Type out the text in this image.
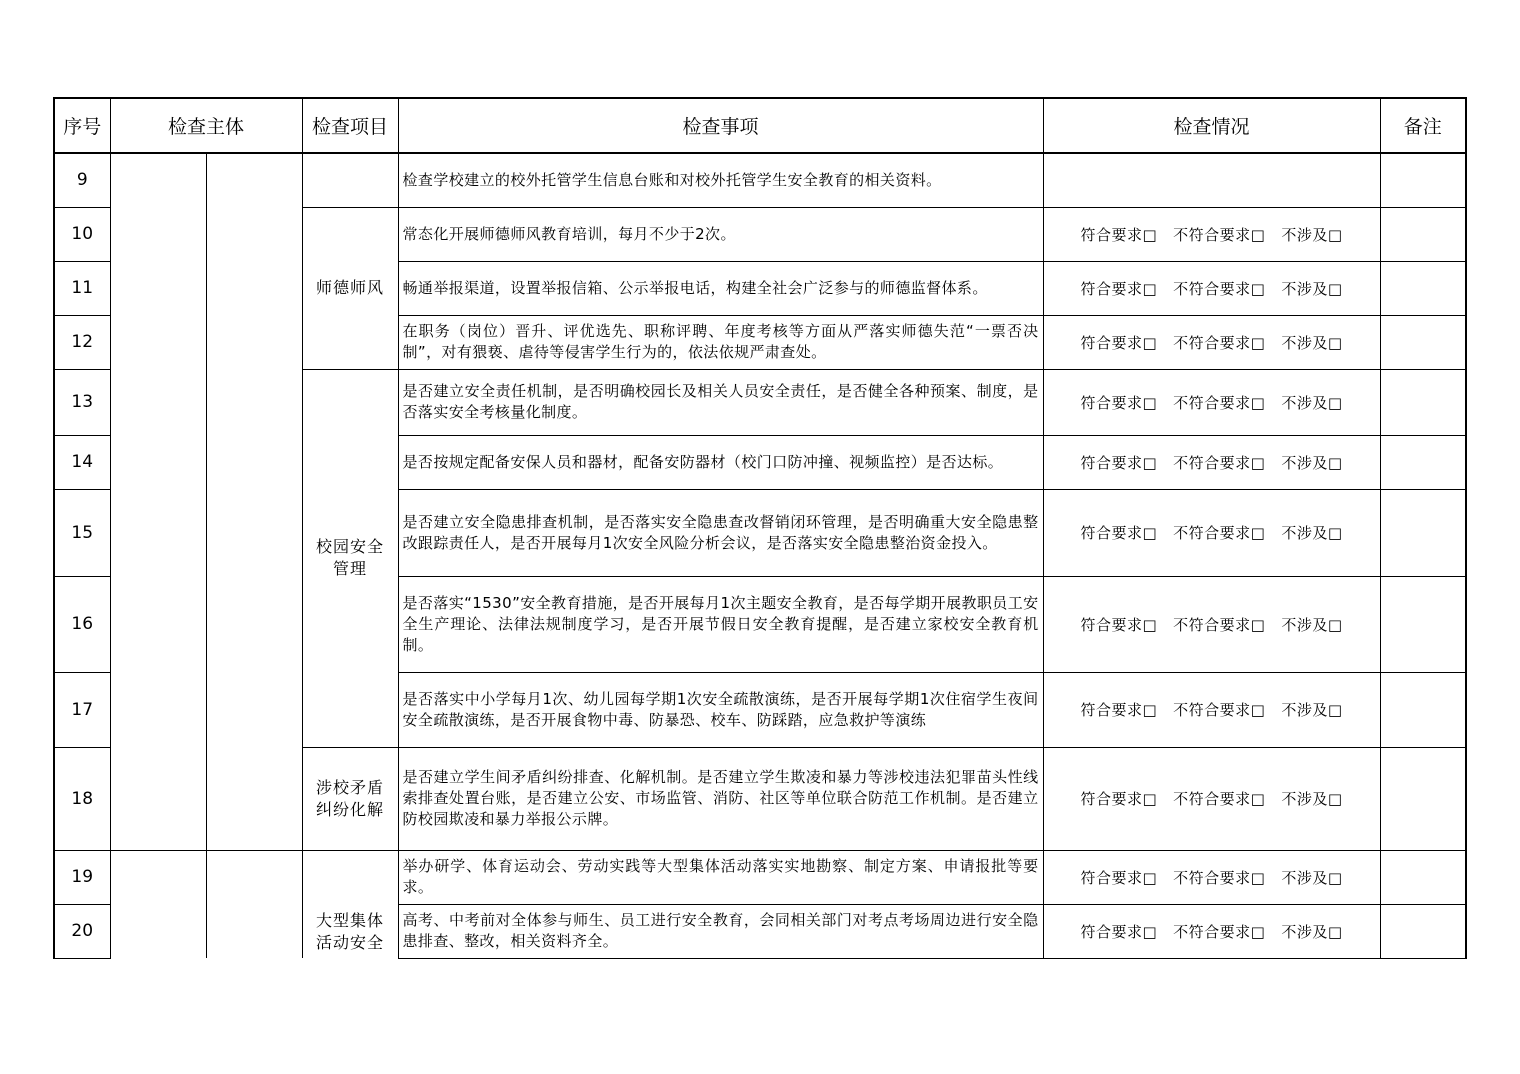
序号	检查主体		检查项目	检查事项	检查情况	备注
9				检查学校建立的校外托管学生信息台账和对校外托管学生安全教育的相关资料。		
10			师德师风	常态化开展师德师风教育培训，每月不少于2次。	符合要求□ 不符合要求□ 不涉及□	
11				畅通举报渠道，设置举报信箱、公示举报电话，构建全社会广泛参与的师德监督体系。	符合要求□ 不符合要求□ 不涉及□	
12				在职务（岗位）晋升、评优选先、职称评聘、年度考核等方面从严落实师德失范“一票否决制”，对有猥亵、虐待等侵害学生行为的，依法依规严肃查处。	符合要求□ 不符合要求□ 不涉及□	
13			校园安全管理	是否建立安全责任机制，是否明确校园长及相关人员安全责任，是否健全各种预案、制度，是否落实安全考核量化制度。	符合要求□ 不符合要求□ 不涉及□	
14				是否按规定配备安保人员和器材，配备安防器材（校门口防冲撞、视频监控）是否达标。	符合要求□ 不符合要求□ 不涉及□	
15				是否建立安全隐患排查机制，是否落实安全隐患查改督销闭环管理，是否明确重大安全隐患整改跟踪责任人，是否开展每月1次安全风险分析会议，是否落实安全隐患整治资金投入。	符合要求□ 不符合要求□ 不涉及□	
16				是否落实“1530”安全教育措施，是否开展每月1次主题安全教育，是否每学期开展教职员工安全生产理论、法律法规制度学习，是否开展节假日安全教育提醒，是否建立家校安全教育机制。	符合要求□ 不符合要求□ 不涉及□	
17				是否落实中小学每月1次、幼儿园每学期1次安全疏散演练，是否开展每学期1次住宿学生夜间安全疏散演练，是否开展食物中毒、防暴恐、校车、防踩踏，应急救护等演练	符合要求□ 不符合要求□ 不涉及□	
18			涉校矛盾纠纷化解	是否建立学生间矛盾纠纷排查、化解机制。是否建立学生欺凌和暴力等涉校违法犯罪苗头性线索排查处置台账，是否建立公安、市场监管、消防、社区等单位联合防范工作机制。是否建立防校园欺凌和暴力举报公示牌。	符合要求□ 不符合要求□ 不涉及□	
19			大型集体活动安全	举办研学、体育运动会、劳动实践等大型集体活动落实实地勘察、制定方案、申请报批等要求。	符合要求□ 不符合要求□ 不涉及□	
20				高考、中考前对全体参与师生、员工进行安全教育，会同相关部门对考点考场周边进行安全隐患排查、整改，相关资料齐全。	符合要求□ 不符合要求□ 不涉及□	
